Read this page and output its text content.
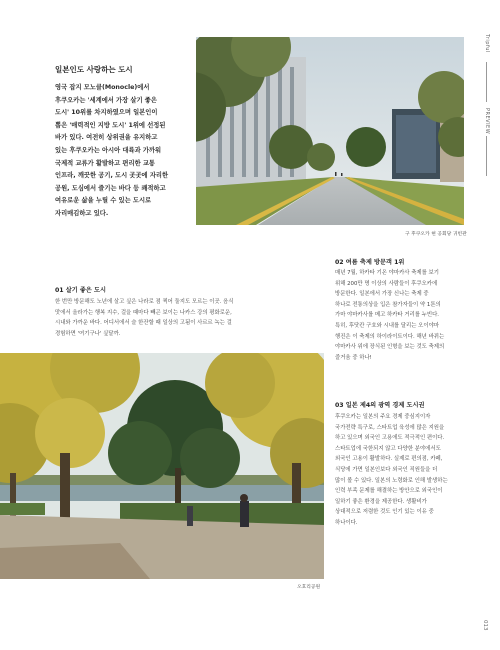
Tripful
PREVIEW
일본인도 사랑하는 도시

영국 잡지 모노클(Monocle)에서

후쿠오카는 '세계에서 가장 살기 좋은

도시' 10위를 차지하였으며 일본인이

뽑은 '매력적인 지방 도시' 1위에 선정된

바가 있다. 여전히 상위권을 유지하고

있는 후쿠오카는 아시아 대륙과 가까워

국제적 교류가 활발하고 편리한 교통

인프라, 깨끗한 공기, 도시 곳곳에 자리한

공원, 도심에서 즐기는 바다 등 쾌적하고

여유로운 삶을 누릴 수 있는 도시로

자리매김하고 있다.

구 후쿠오카 현 공회당 귀빈관
02 여름 축제 방문객 1위

매년 7월, 하카타 기온 야마카사 축제를 보기

위해 200만 명 이상의 사람들이 후쿠오카에

방문한다. 일본에서 가장 신나는 축제 중

하나로 전통의상을 입은 참가자들이 약 1톤의

가마 야마카사를 메고 하카타 거리를 누빈다.

특히, 후닷칸 구호와 시내를 달리는 오이야마

행진은 이 축제의 하이라이트이다. 해년 바뀌는

야마카사 위에 장식된 인형을 보는 것도 축제의

즐거움 중 하나!

01 살기 좋은 도시

한 번만 방문해도 노년에 살고 싶은 나라로 점 찍어 둘지도 모르는 이곳. 음식

맛에서 올라가는 행복 지수, 걸을 때마다 빼곤 보이는 나카스 강의 평화로운,

시내와 가까운 바다. 어디서에서 슬 한잔할 때 일상의 고됨이 사르르 녹는 걸

경험하면 '여기구나' 싶달까.

03 일본 제4의 광역 경제 도시권

후쿠오카는 일본의 주요 경제 중심지이자

국가전략 특구로, 스타트업 육성에 많은 지원을

하고 있으며 외국인 고용에도 적극적인 편이다.

스타트업에 국한되지 않고 다양한 분야에서도

외국인 고용이 활발하다. 실제로 편의점, 카페,

식당에 가면 일본인보다 외국인 직원들을 더

많이 볼 수 있다. 일본의 노령화로 인해 발생하는

인력 부족 문제를 해결하는 방안으로 외국인이

일하기 좋은 환경을 제공한다. 생활비가

상대적으로 저렴한 것도 인기 있는 이유 중

하나이다.

오호리공원
013
